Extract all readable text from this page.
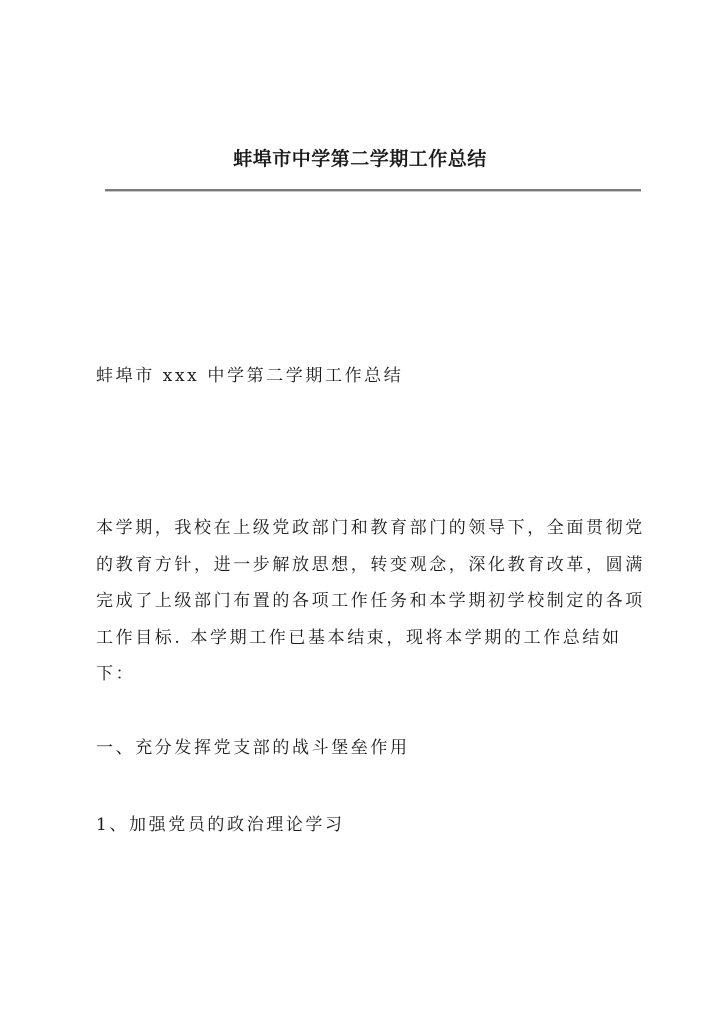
蚌埠市中学第二学期工作总结

蚌埠市 xxx 中学第二学期工作总结

本学期，我校在上级党政部门和教育部门的领导下，全面贯彻党的教育方针，进一步解放思想，转变观念，深化教育改革，圆满完成了上级部门布置的各项工作任务和本学期初学校制定的各项工作目标. 本学期工作已基本结束，现将本学期的工作总结如下：

一、充分发挥党支部的战斗堡垒作用

1、加强党员的政治理论学习
